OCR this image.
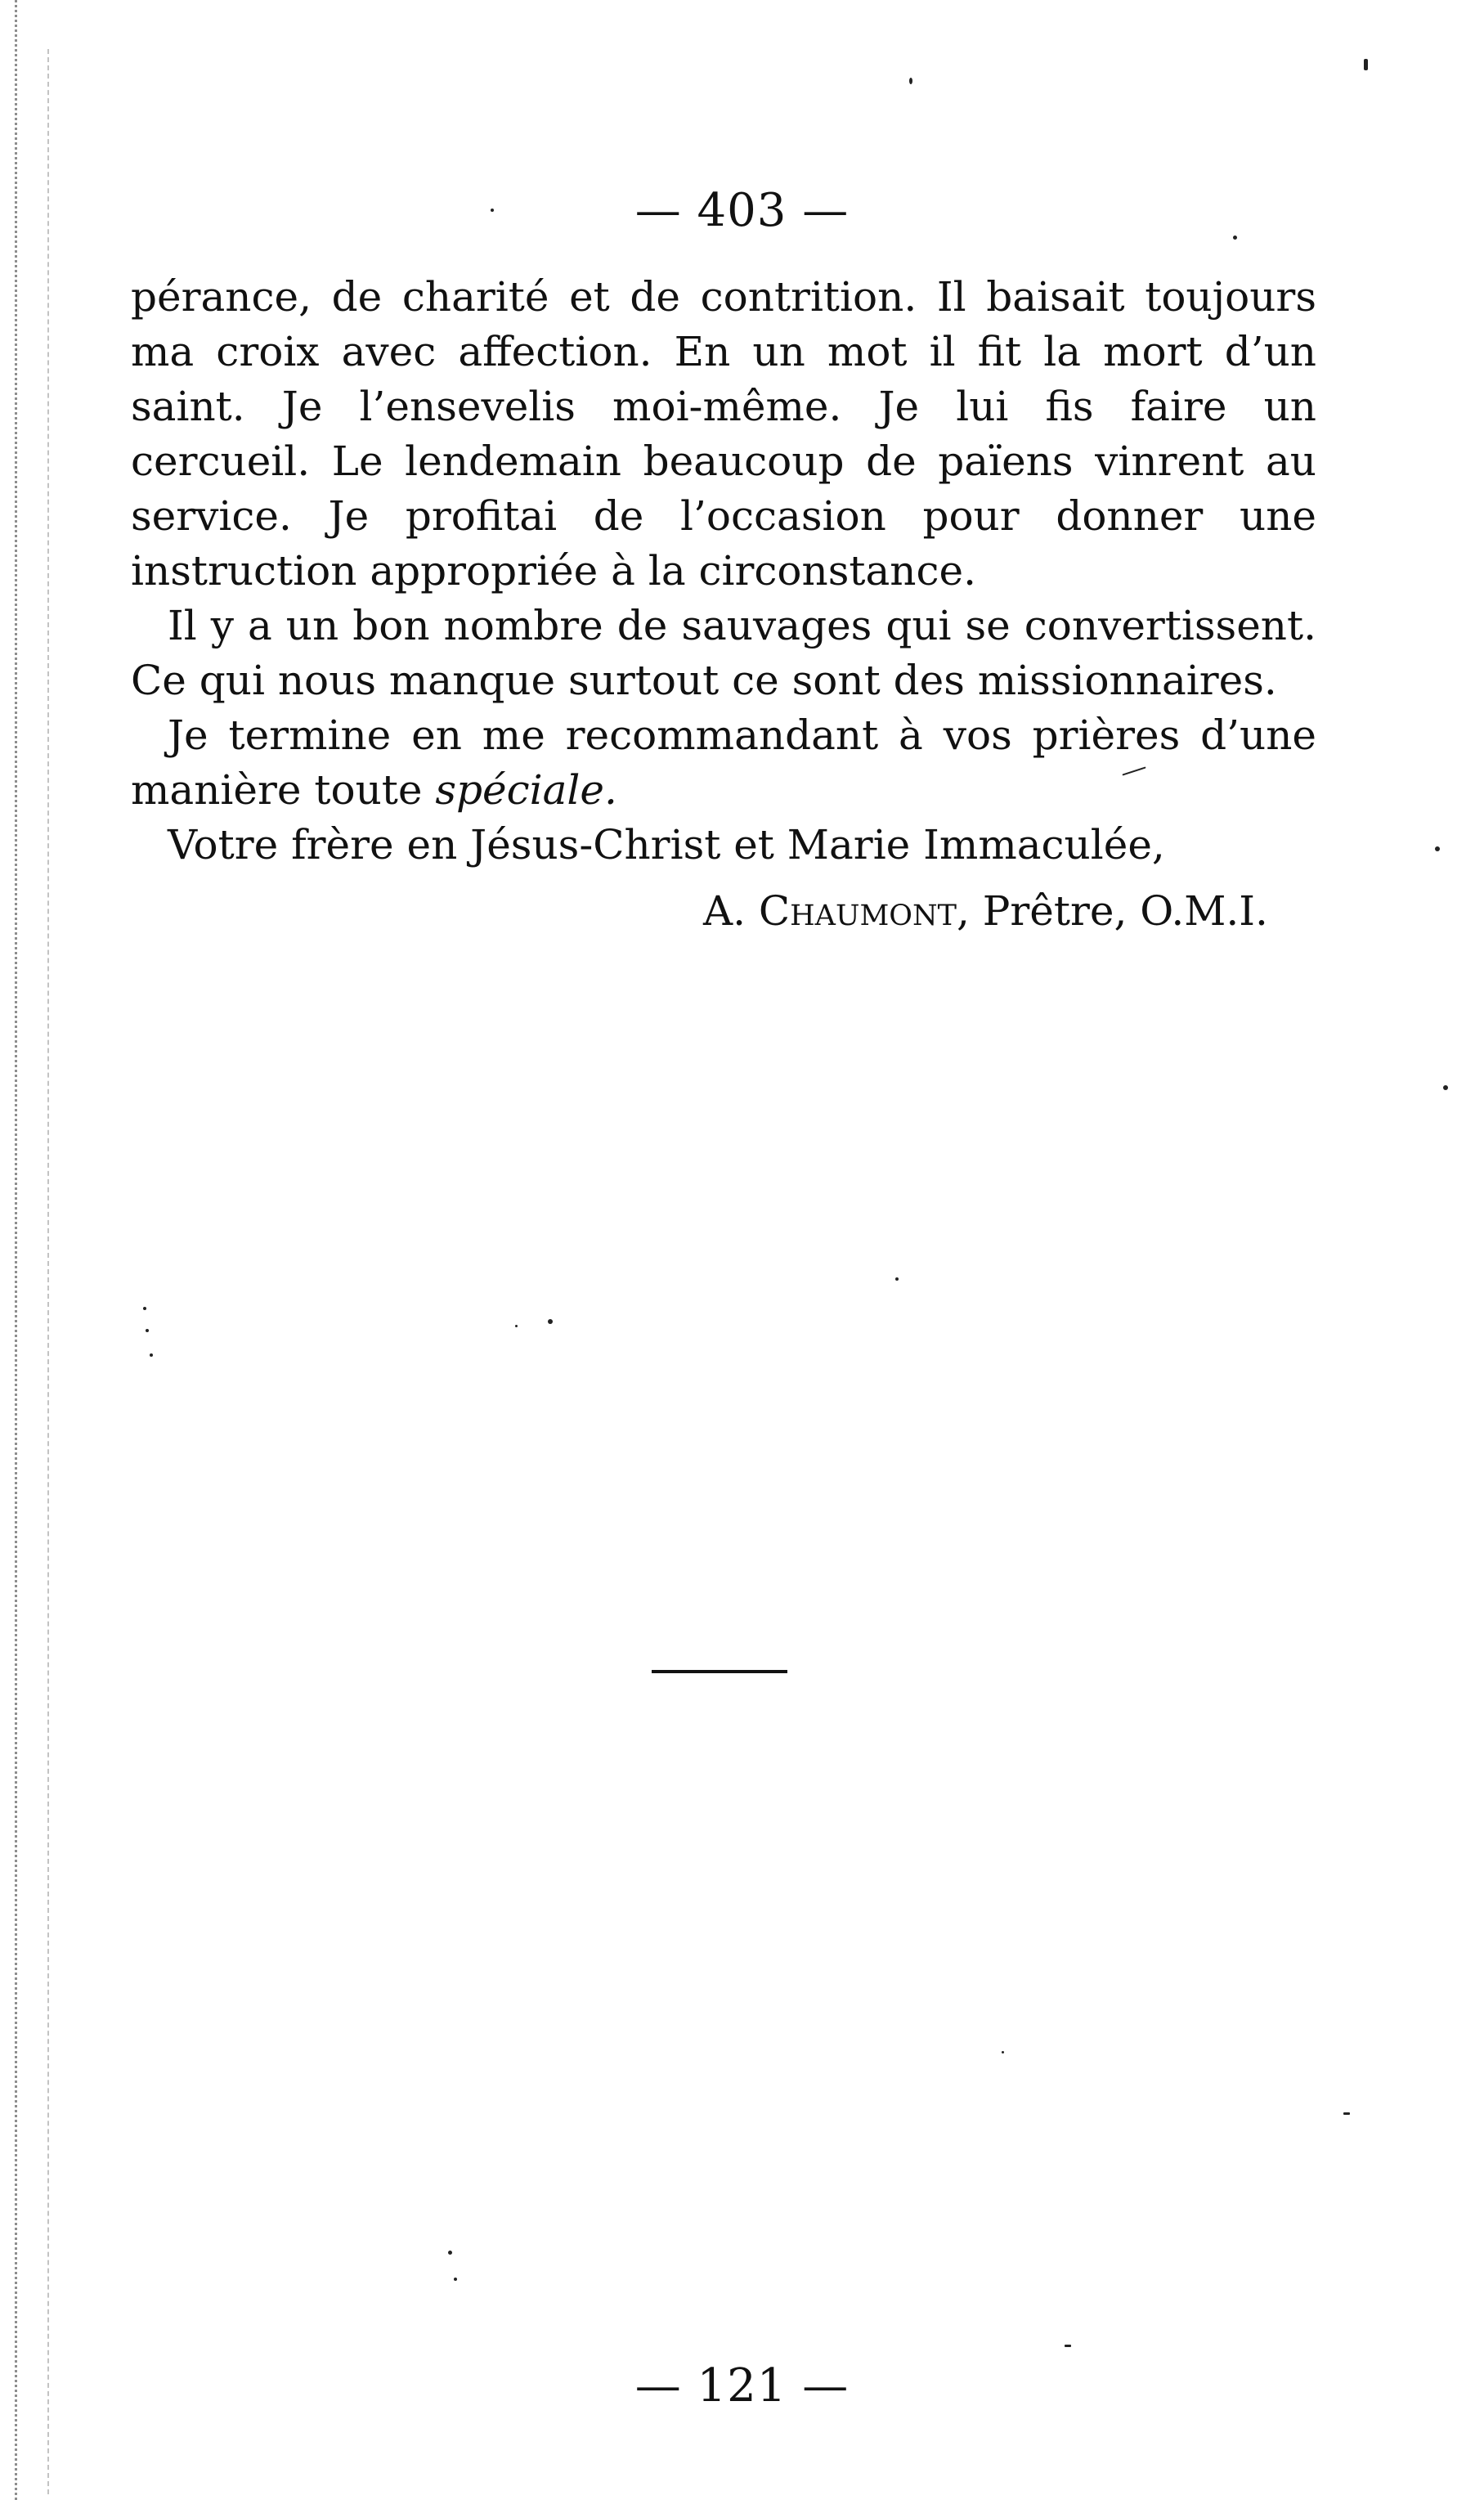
— 403 —

pérance, de charité et de contrition. Il baisait toujours ma croix avec affection. En un mot il fit la mort d’un saint. Je l’ensevelis moi-même. Je lui fis faire un cercueil. Le lendemain beaucoup de païens vinrent au service. Je profitai de l’occasion pour donner une instruction appropriée à la circonstance.

Il y a un bon nombre de sauvages qui se convertissent. Ce qui nous manque surtout ce sont des missionnaires.

Je termine en me recommandant à vos prières d’une manière toute spéciale.

Votre frère en Jésus-Christ et Marie Immaculée,

A. Chaumont, Prêtre, O.M.I.

— 121 —
